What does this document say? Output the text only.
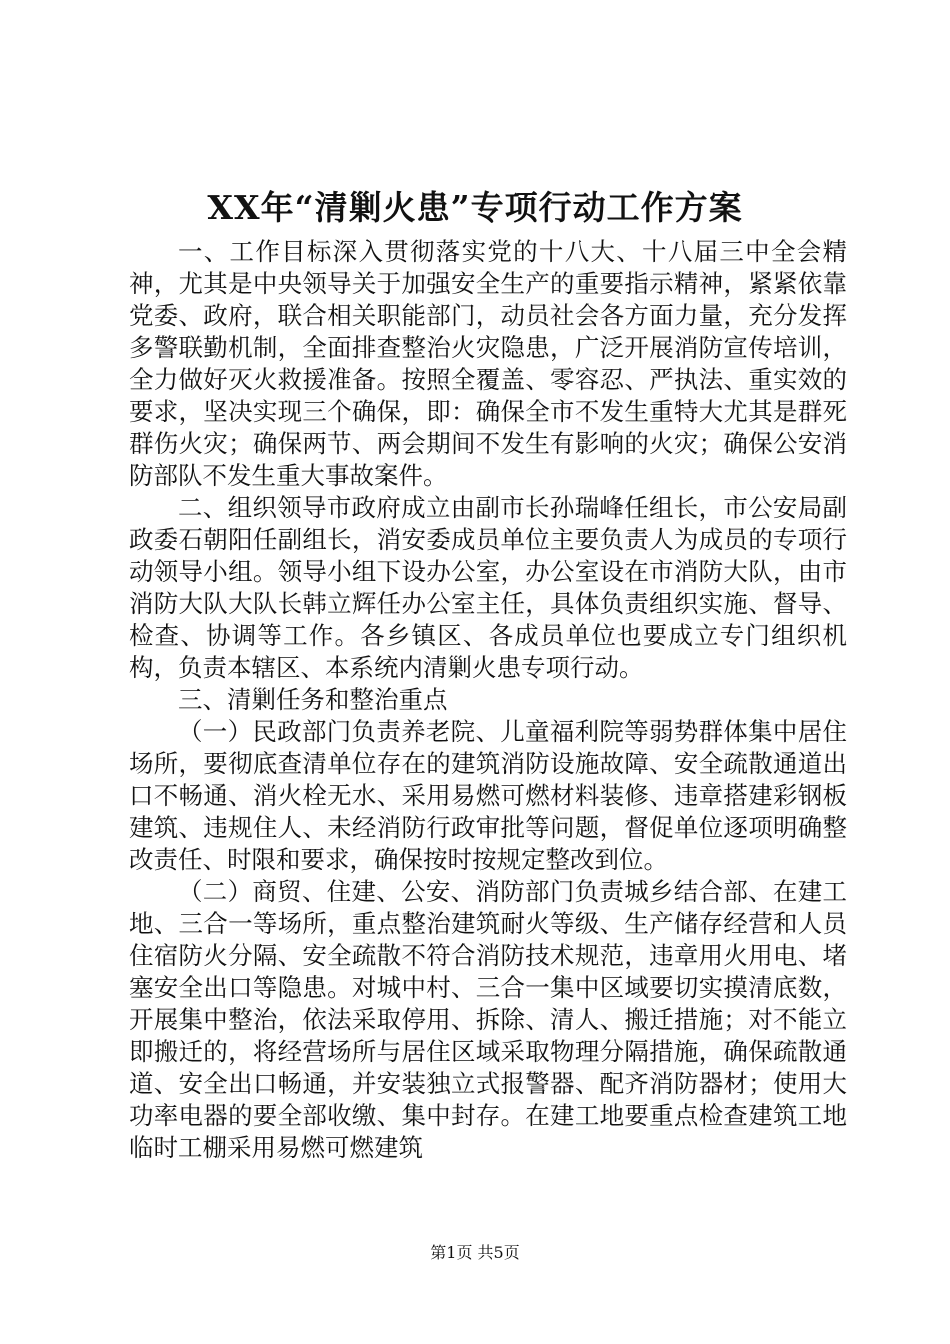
XX年“清剿火患”专项行动工作方案

一、工作目标深入贯彻落实党的十八大、十八届三中全会精神，尤其是中央领导关于加强安全生产的重要指示精神，紧紧依靠党委、政府，联合相关职能部门，动员社会各方面力量，充分发挥多警联勤机制，全面排查整治火灾隐患，广泛开展消防宣传培训，全力做好灭火救援准备。按照全覆盖、零容忍、严执法、重实效的要求，坚决实现三个确保，即：确保全市不发生重特大尤其是群死群伤火灾；确保两节、两会期间不发生有影响的火灾；确保公安消防部队不发生重大事故案件。

二、组织领导市政府成立由副市长孙瑞峰任组长，市公安局副政委石朝阳任副组长，消安委成员单位主要负责人为成员的专项行动领导小组。领导小组下设办公室，办公室设在市消防大队，由市消防大队大队长韩立辉任办公室主任，具体负责组织实施、督导、检查、协调等工作。各乡镇区、各成员单位也要成立专门组织机构，负责本辖区、本系统内清剿火患专项行动。

三、清剿任务和整治重点

（一）民政部门负责养老院、儿童福利院等弱势群体集中居住场所，要彻底查清单位存在的建筑消防设施故障、安全疏散通道出口不畅通、消火栓无水、采用易燃可燃材料装修、违章搭建彩钢板建筑、违规住人、未经消防行政审批等问题，督促单位逐项明确整改责任、时限和要求，确保按时按规定整改到位。

（二）商贸、住建、公安、消防部门负责城乡结合部、在建工地、三合一等场所，重点整治建筑耐火等级、生产储存经营和人员住宿防火分隔、安全疏散不符合消防技术规范，违章用火用电、堵塞安全出口等隐患。对城中村、三合一集中区域要切实摸清底数，开展集中整治，依法采取停用、拆除、清人、搬迁措施；对不能立即搬迁的，将经营场所与居住区域采取物理分隔措施，确保疏散通道、安全出口畅通，并安装独立式报警器、配齐消防器材；使用大功率电器的要全部收缴、集中封存。在建工地要重点检查建筑工地临时工棚采用易燃可燃建筑

第1页 共5页
